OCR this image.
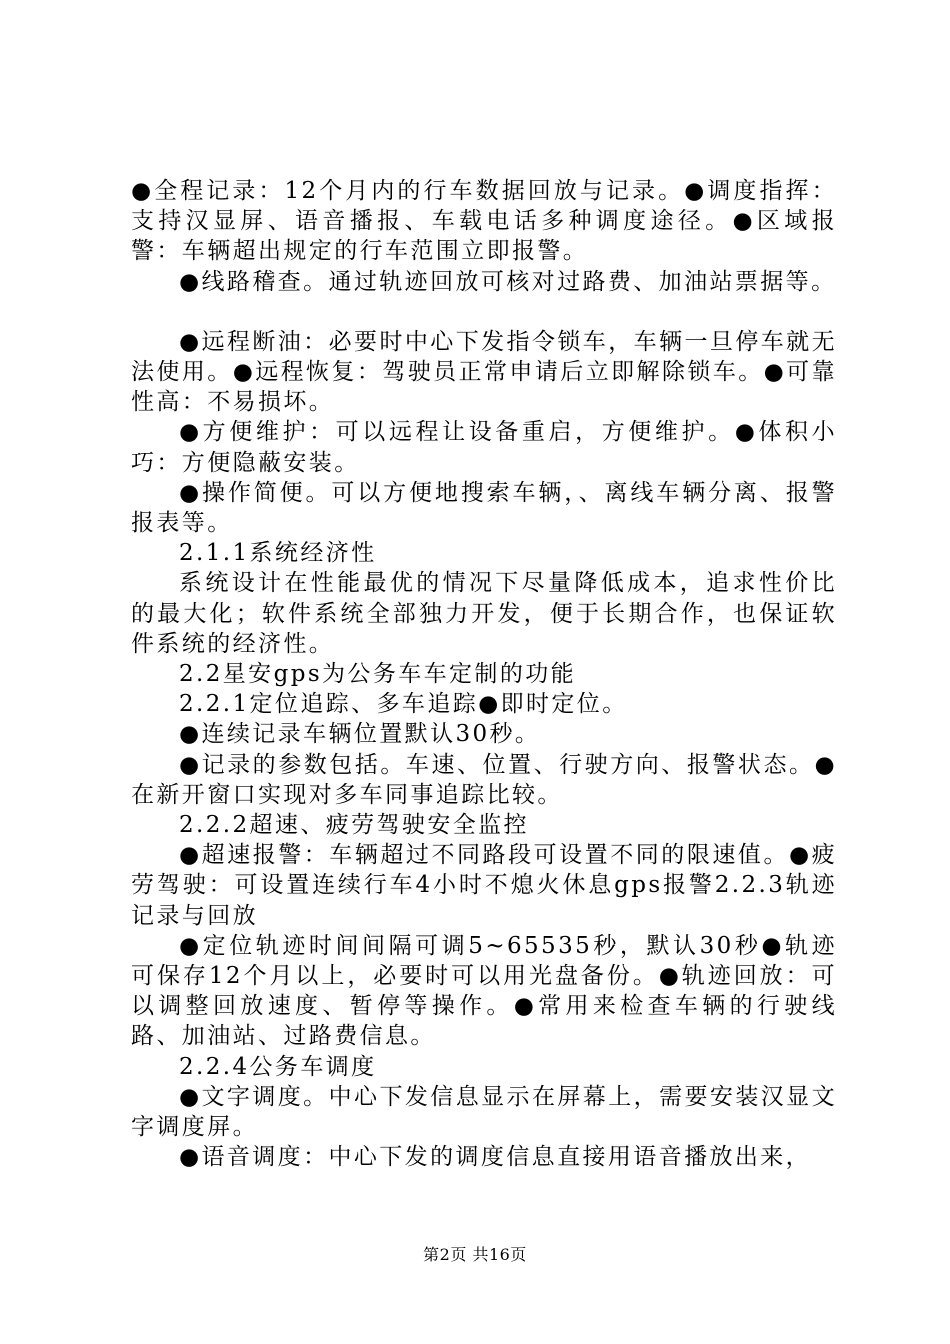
●全程记录：12个月内的行车数据回放与记录。●调度指挥：支持汉显屏、语音播报、车载电话多种调度途径。●区域报警：车辆超出规定的行车范围立即报警。

●线路稽查。通过轨迹回放可核对过路费、加油站票据等。

●远程断油：必要时中心下发指令锁车，车辆一旦停车就无法使用。●远程恢复：驾驶员正常申请后立即解除锁车。●可靠性高：不易损坏。

●方便维护：可以远程让设备重启，方便维护。●体积小巧：方便隐蔽安装。

●操作简便。可以方便地搜索车辆，、离线车辆分离、报警报表等。

2.1.1系统经济性

系统设计在性能最优的情况下尽量降低成本，追求性价比的最大化；软件系统全部独力开发，便于长期合作，也保证软件系统的经济性。

2.2星安gps为公务车车定制的功能

2.2.1定位追踪、多车追踪●即时定位。

●连续记录车辆位置默认30秒。

●记录的参数包括。车速、位置、行驶方向、报警状态。●在新开窗口实现对多车同事追踪比较。

2.2.2超速、疲劳驾驶安全监控

●超速报警：车辆超过不同路段可设置不同的限速值。●疲劳驾驶：可设置连续行车4小时不熄火休息gps报警2.2.3轨迹记录与回放

●定位轨迹时间间隔可调5~65535秒，默认30秒●轨迹可保存12个月以上，必要时可以用光盘备份。●轨迹回放：可以调整回放速度、暂停等操作。●常用来检查车辆的行驶线路、加油站、过路费信息。

2.2.4公务车调度

●文字调度。中心下发信息显示在屏幕上，需要安装汉显文字调度屏。

●语音调度：中心下发的调度信息直接用语音播放出来，

第2页 共16页
